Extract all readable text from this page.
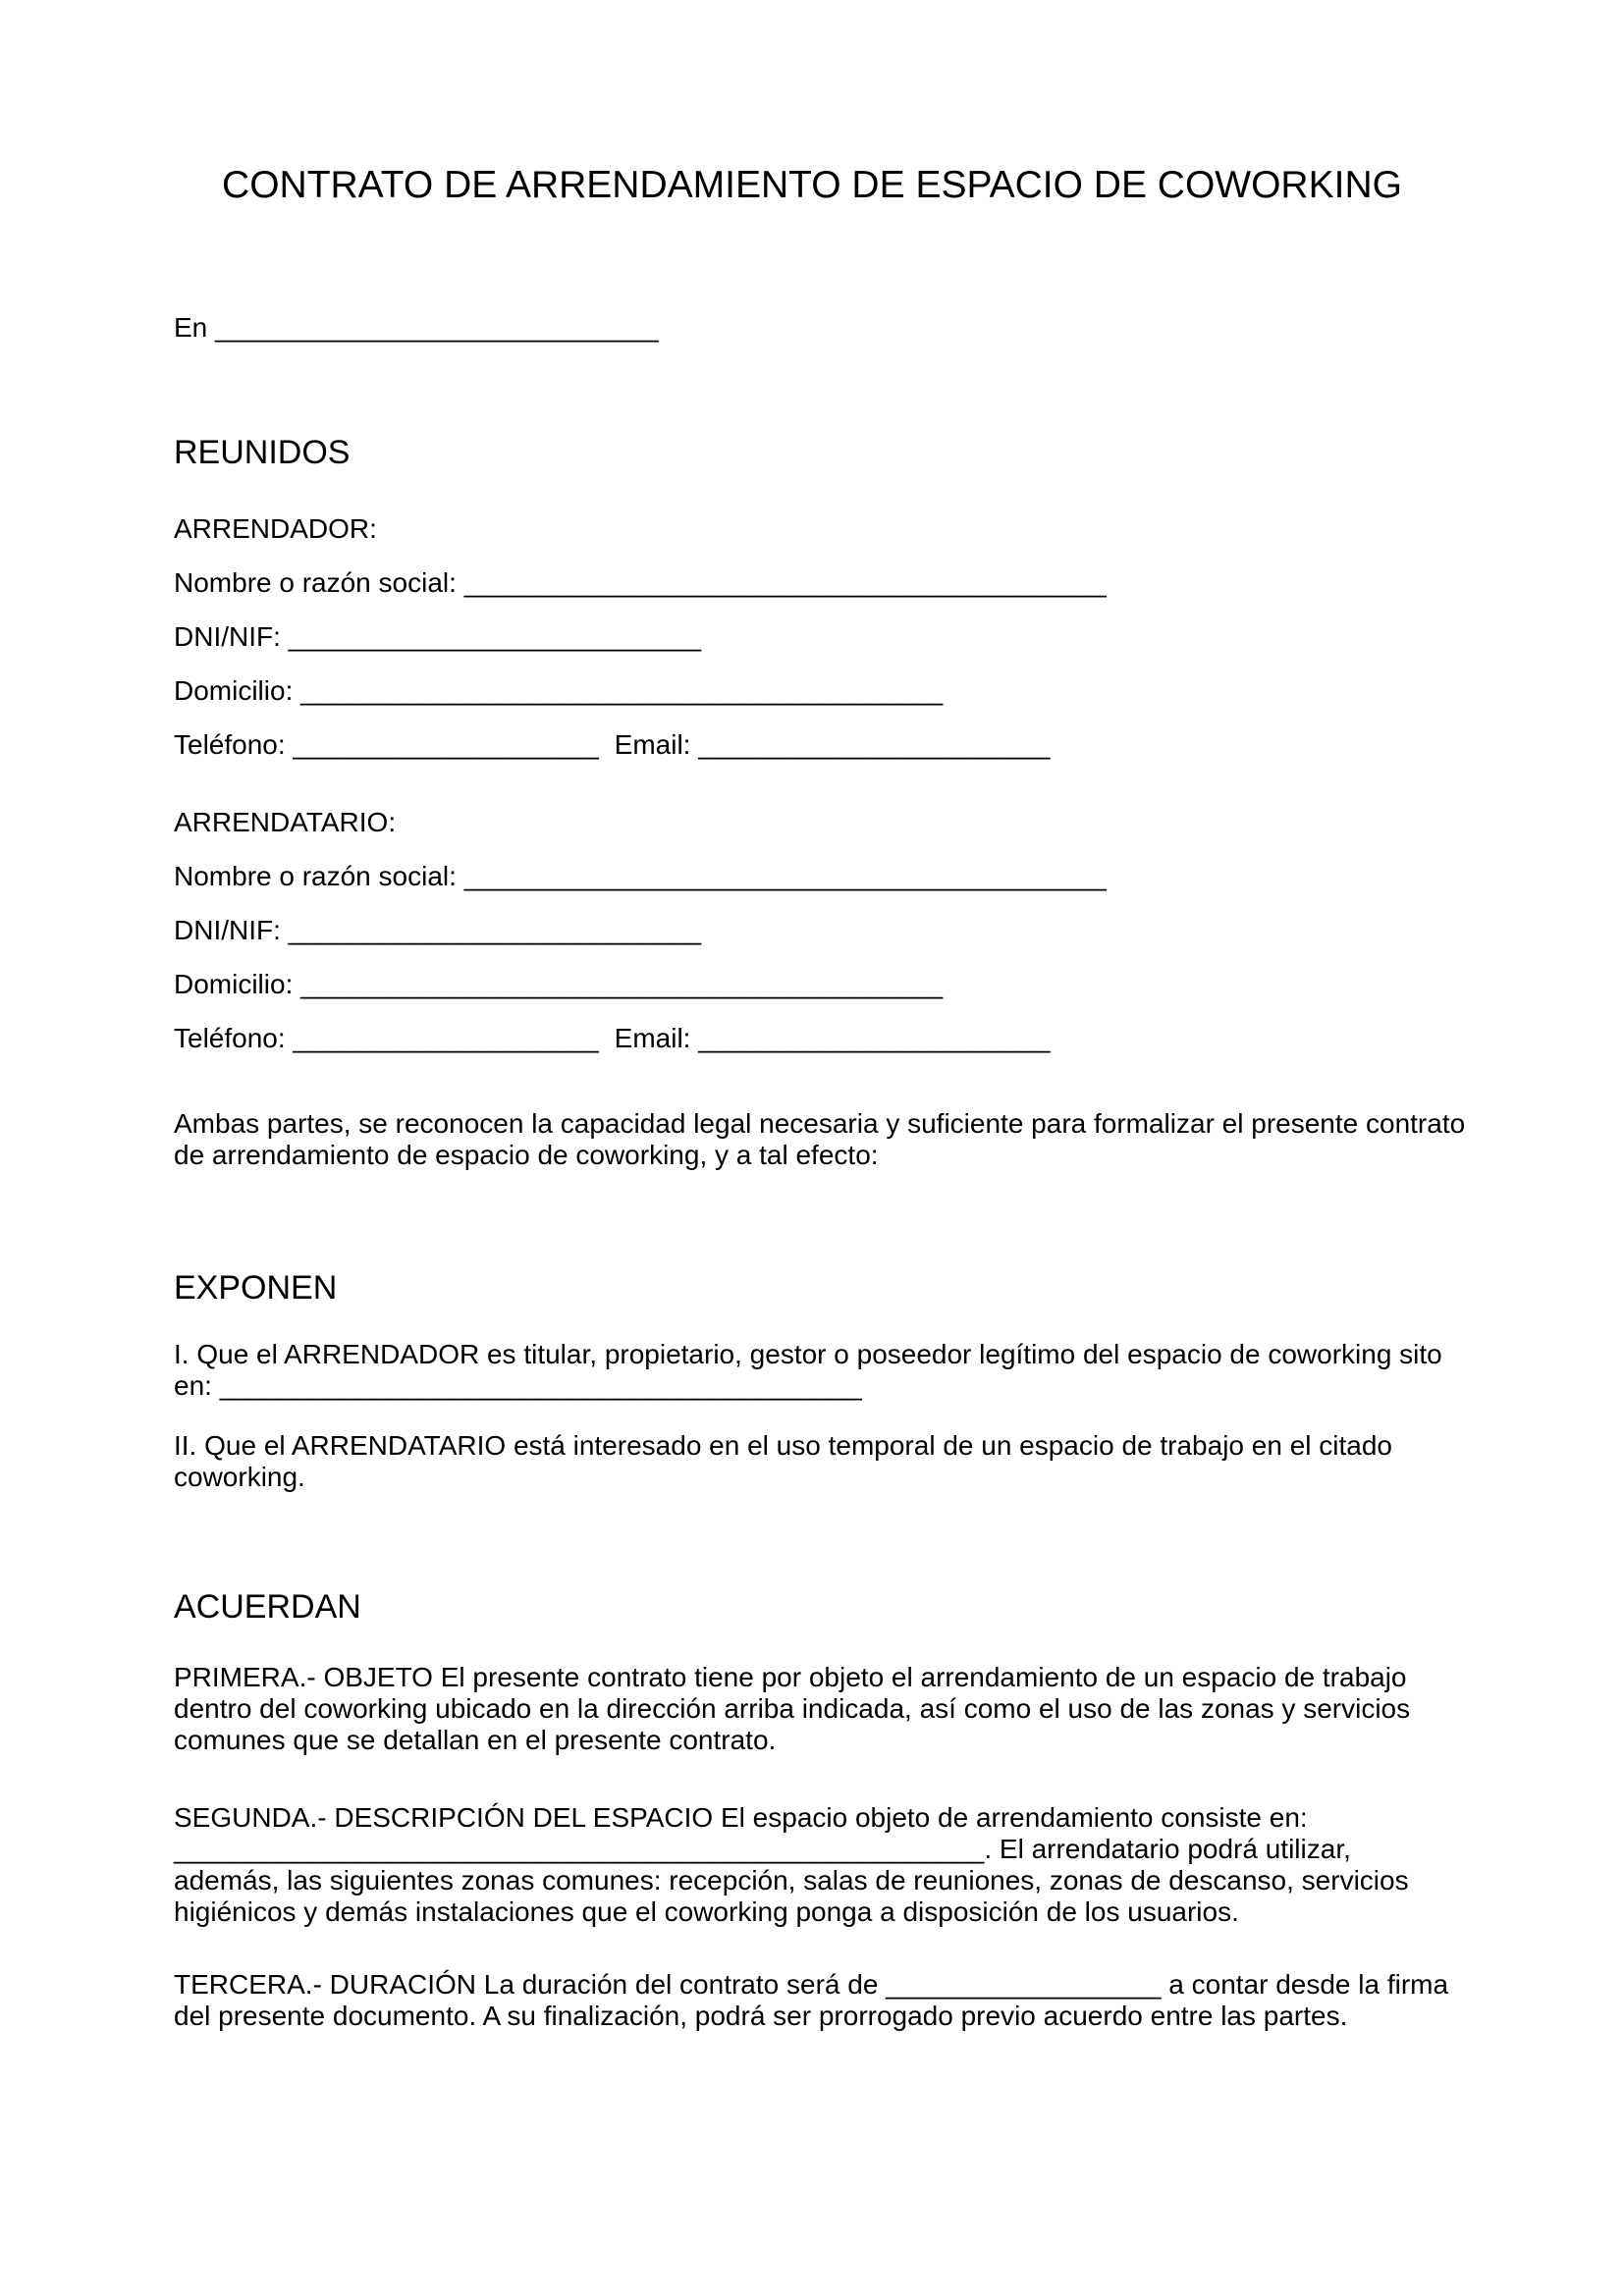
CONTRATO DE ARRENDAMIENTO DE ESPACIO DE COWORKING
En _____________________________
REUNIDOS
ARRENDADOR:
Nombre o razón social: __________________________________________
DNI/NIF: ___________________________
Domicilio: __________________________________________
Teléfono: ____________________ Email: _______________________
ARRENDATARIO:
Nombre o razón social: __________________________________________
DNI/NIF: ___________________________
Domicilio: __________________________________________
Teléfono: ____________________ Email: _______________________
Ambas partes, se reconocen la capacidad legal necesaria y suficiente para formalizar el presente contrato
de arrendamiento de espacio de coworking, y a tal efecto:
EXPONEN
I. Que el ARRENDADOR es titular, propietario, gestor o poseedor legítimo del espacio de coworking sito
en: __________________________________________
II. Que el ARRENDATARIO está interesado en el uso temporal de un espacio de trabajo en el citado
coworking.
ACUERDAN
PRIMERA.- OBJETO El presente contrato tiene por objeto el arrendamiento de un espacio de trabajo
dentro del coworking ubicado en la dirección arriba indicada, así como el uso de las zonas y servicios
comunes que se detallan en el presente contrato.
SEGUNDA.- DESCRIPCIÓN DEL ESPACIO El espacio objeto de arrendamiento consiste en:
_____________________________________________________. El arrendatario podrá utilizar,
además, las siguientes zonas comunes: recepción, salas de reuniones, zonas de descanso, servicios
higiénicos y demás instalaciones que el coworking ponga a disposición de los usuarios.
TERCERA.- DURACIÓN La duración del contrato será de __________________ a contar desde la firma
del presente documento. A su finalización, podrá ser prorrogado previo acuerdo entre las partes.
